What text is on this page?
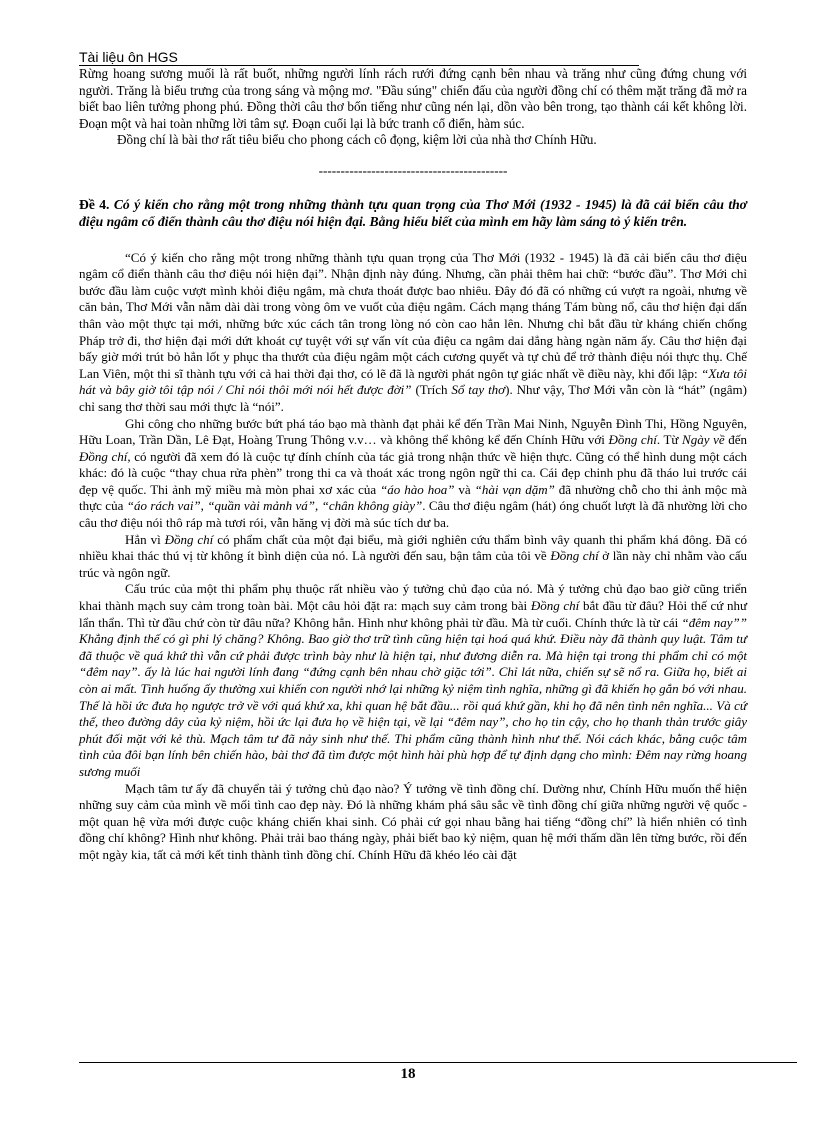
Tài liệu ôn HGS

Rừng hoang sương muối là rất buốt, những người lính rách rưới đứng cạnh bên nhau và trăng như cũng đứng chung với người. Trăng là biểu trưng của trong sáng và mộng mơ. "Đầu súng" chiến đấu của người đồng chí có thêm mặt trăng đã mở ra biết bao liên tưởng phong phú. Đồng thời câu thơ bốn tiếng như cũng nén lại, dồn vào bên trong, tạo thành cái kết không lời. Đoạn một và hai toàn những lời tâm sự. Đoạn cuối lại là bức tranh cổ điển, hàm súc.

Đồng chí là bài thơ rất tiêu biểu cho phong cách cô đọng, kiệm lời của nhà thơ Chính Hữu.

-------------------------------------------

Đề 4. Có ý kiến cho rằng một trong những thành tựu quan trọng của Thơ Mới (1932 - 1945) là đã cải biến câu thơ điệu ngâm cổ điển thành câu thơ điệu nói hiện đại. Bằng hiểu biết của mình em hãy làm sáng tỏ ý kiến trên.

“Có ý kiến cho rằng một trong những thành tựu quan trọng của Thơ Mới (1932 - 1945) là đã cải biến câu thơ điệu ngâm cổ điển thành câu thơ điệu nói hiện đại”. Nhận định này đúng. Nhưng, cần phải thêm hai chữ: “bước đầu”. Thơ Mới chỉ bước đầu làm cuộc vượt mình khỏi điệu ngâm, mà chưa thoát được bao nhiêu. Đây đó đã có những cú vượt ra ngoài, nhưng về căn bản, Thơ Mới vẫn nằm dài dài trong vòng ôm ve vuốt của điệu ngâm. Cách mạng tháng Tám bùng nổ, câu thơ hiện đại dấn thân vào một thực tại mới, những bức xúc cách tân trong lòng nó còn cao hẳn lên. Nhưng chỉ bắt đầu từ kháng chiến chống Pháp trở đi, thơ hiện đại mới dứt khoát cự tuyệt với sự vấn vít của điệu ca ngâm dai dẳng hàng ngàn năm ấy. Câu thơ hiện đại bấy giờ mới trút bỏ hẳn lốt y phục tha thướt của điệu ngâm một cách cương quyết và tự chủ để trở thành điệu nói thực thụ. Chế Lan Viên, một thi sĩ thành tựu với cả hai thời đại thơ, có lẽ đã là người phát ngôn tự giác nhất về điều này, khi đối lập: “Xưa tôi hát và bây giờ tôi tập nói / Chỉ nói thôi mới nói hết được đời” (Trích Sổ tay thơ). Như vậy, Thơ Mới vẫn còn là “hát” (ngâm) chỉ sang thơ thời sau mới thực là “nói”.

Ghi công cho những bước bứt phá táo bạo mà thành đạt phải kể đến Trần Mai Ninh, Nguyễn Đình Thi, Hồng Nguyên, Hữu Loan, Trần Dần, Lê Đạt, Hoàng Trung Thông v.v… và không thể không kể đến Chính Hữu với Đồng chí. Từ Ngày về đến Đồng chí, có người đã xem đó là cuộc tự đính chính của tác giả trong nhận thức về hiện thực. Cũng có thể hình dung một cách khác: đó là cuộc “thay chua rửa phèn” trong thi ca và thoát xác trong ngôn ngữ thi ca. Cái đẹp chinh phu đã tháo lui trước cái đẹp vệ quốc. Thi ảnh mỹ miều mà mòn phai xơ xác của “áo hào hoa” và “hài vạn dặm” đã nhường chỗ cho thi ảnh mộc mà thực của “áo rách vai”, “quần vài mảnh vá”, “chân không giày”. Câu thơ điệu ngâm (hát) óng chuốt lượt là đã nhường lời cho câu thơ điệu nói thô ráp mà tươi rói, vẫn hăng vị đời mà súc tích dư ba.

Hẳn vì Đồng chí có phẩm chất của một đại biểu, mà giới nghiên cứu thẩm bình vây quanh thi phẩm khá đông. Đã có nhiều khai thác thú vị từ không ít bình diện của nó. Là người đến sau, bận tâm của tôi về Đồng chí ở lần này chỉ nhằm vào cấu trúc và ngôn ngữ.

Cấu trúc của một thi phẩm phụ thuộc rất nhiều vào ý tưởng chủ đạo của nó. Mà ý tưởng chủ đạo bao giờ cũng triển khai thành mạch suy cảm trong toàn bài. Một câu hỏi đặt ra: mạch suy cảm trong bài Đồng chí bắt đầu từ đâu? Hỏi thế cứ như lẩn thẩn. Thì từ đầu chứ còn từ đâu nữa? Không hẳn. Hình như không phải từ đầu. Mà từ cuối. Chính thức là từ cái “đêm nay”” Khẳng định thế có gì phi lý chăng? Không. Bao giờ thơ trữ tình cũng hiện tại hoá quá khứ. Điều này đã thành quy luật. Tâm tư đã thuộc về quá khứ thì vẫn cứ phải được trình bày như là hiện tại, như đương diễn ra. Mà hiện tại trong thi phẩm chỉ có một “đêm nay”. ấy là lúc hai người lính đang “đứng cạnh bên nhau chờ giặc tới”. Chỉ lát nữa, chiến sự sẽ nổ ra. Giữa họ, biết ai còn ai mất. Tình huống ấy thường xui khiến con người nhớ lại những kỷ niệm tình nghĩa, những gì đã khiến họ gắn bó với nhau. Thế là hồi ức đưa họ ngược trở về với quá khứ xa, khi quan hệ bắt đầu... rồi quá khứ gần, khi họ đã nên tình nên nghĩa... Và cứ thế, theo đường dây của kỷ niệm, hồi ức lại đưa họ về hiện tại, về lại “đêm nay”, cho họ tin cậy, cho họ thanh thản trước giây phút đối mặt với kẻ thù. Mạch tâm tư đã nảy sinh như thế. Thi phẩm cũng thành hình như thế. Nói cách khác, bằng cuộc tâm tình của đôi bạn lính bên chiến hào, bài thơ đã tìm được một hình hài phù hợp để tự định dạng cho mình: Đêm nay rừng hoang sương muối

Mạch tâm tư ấy đã chuyển tải ý tưởng chủ đạo nào? Ý tưởng về tình đồng chí. Dường như, Chính Hữu muốn thể hiện những suy cảm của mình về mối tình cao đẹp này. Đó là những khám phá sâu sắc về tình đồng chí giữa những người vệ quốc - một quan hệ vừa mới được cuộc kháng chiến khai sinh. Có phải cứ gọi nhau bằng hai tiếng “đồng chí” là hiển nhiên có tình đồng chí không? Hình như không. Phải trải bao tháng ngày, phải biết bao kỷ niệm, quan hệ mới thấm dần lên từng bước, rồi đến một ngày kia, tất cả mới kết tinh thành tình đồng chí. Chính Hữu đã khéo léo cài đặt

18
